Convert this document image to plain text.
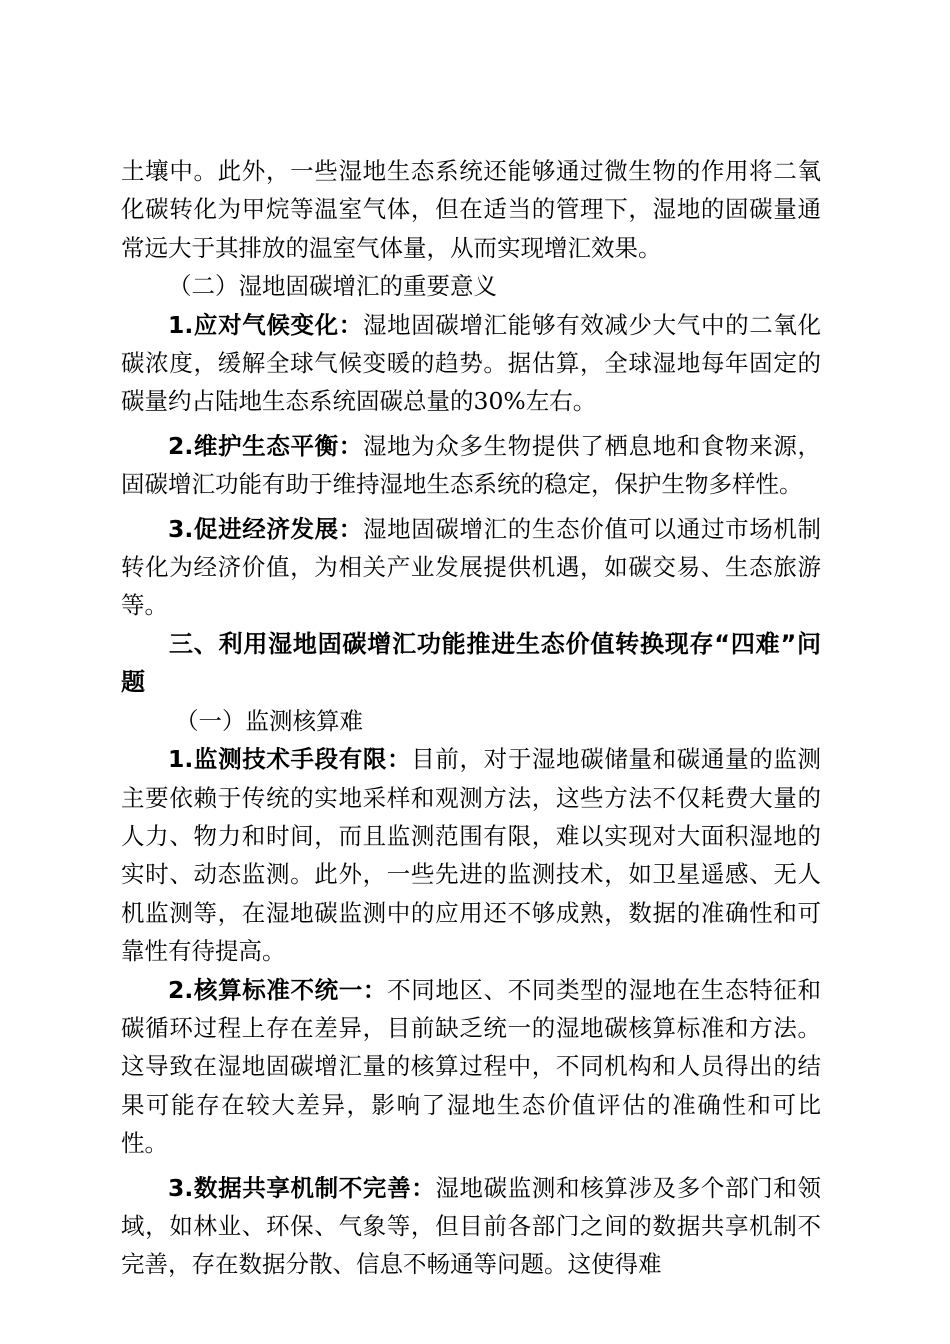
土壤中。此外，一些湿地生态系统还能够通过微生物的作用将二氧化碳转化为甲烷等温室气体，但在适当的管理下，湿地的固碳量通常远大于其排放的温室气体量，从而实现增汇效果。

（二）湿地固碳增汇的重要意义

1.应对气候变化：湿地固碳增汇能够有效减少大气中的二氧化碳浓度，缓解全球气候变暖的趋势。据估算，全球湿地每年固定的碳量约占陆地生态系统固碳总量的30%左右。

2.维护生态平衡：湿地为众多生物提供了栖息地和食物来源，固碳增汇功能有助于维持湿地生态系统的稳定，保护生物多样性。

3.促进经济发展：湿地固碳增汇的生态价值可以通过市场机制转化为经济价值，为相关产业发展提供机遇，如碳交易、生态旅游等。

三、利用湿地固碳增汇功能推进生态价值转换现存“四难”问题

（一）监测核算难

1.监测技术手段有限：目前，对于湿地碳储量和碳通量的监测主要依赖于传统的实地采样和观测方法，这些方法不仅耗费大量的人力、物力和时间，而且监测范围有限，难以实现对大面积湿地的实时、动态监测。此外，一些先进的监测技术，如卫星遥感、无人机监测等，在湿地碳监测中的应用还不够成熟，数据的准确性和可靠性有待提高。

2.核算标准不统一：不同地区、不同类型的湿地在生态特征和碳循环过程上存在差异，目前缺乏统一的湿地碳核算标准和方法。这导致在湿地固碳增汇量的核算过程中，不同机构和人员得出的结果可能存在较大差异，影响了湿地生态价值评估的准确性和可比性。

3.数据共享机制不完善：湿地碳监测和核算涉及多个部门和领域，如林业、环保、气象等，但目前各部门之间的数据共享机制不完善，存在数据分散、信息不畅通等问题。这使得难
